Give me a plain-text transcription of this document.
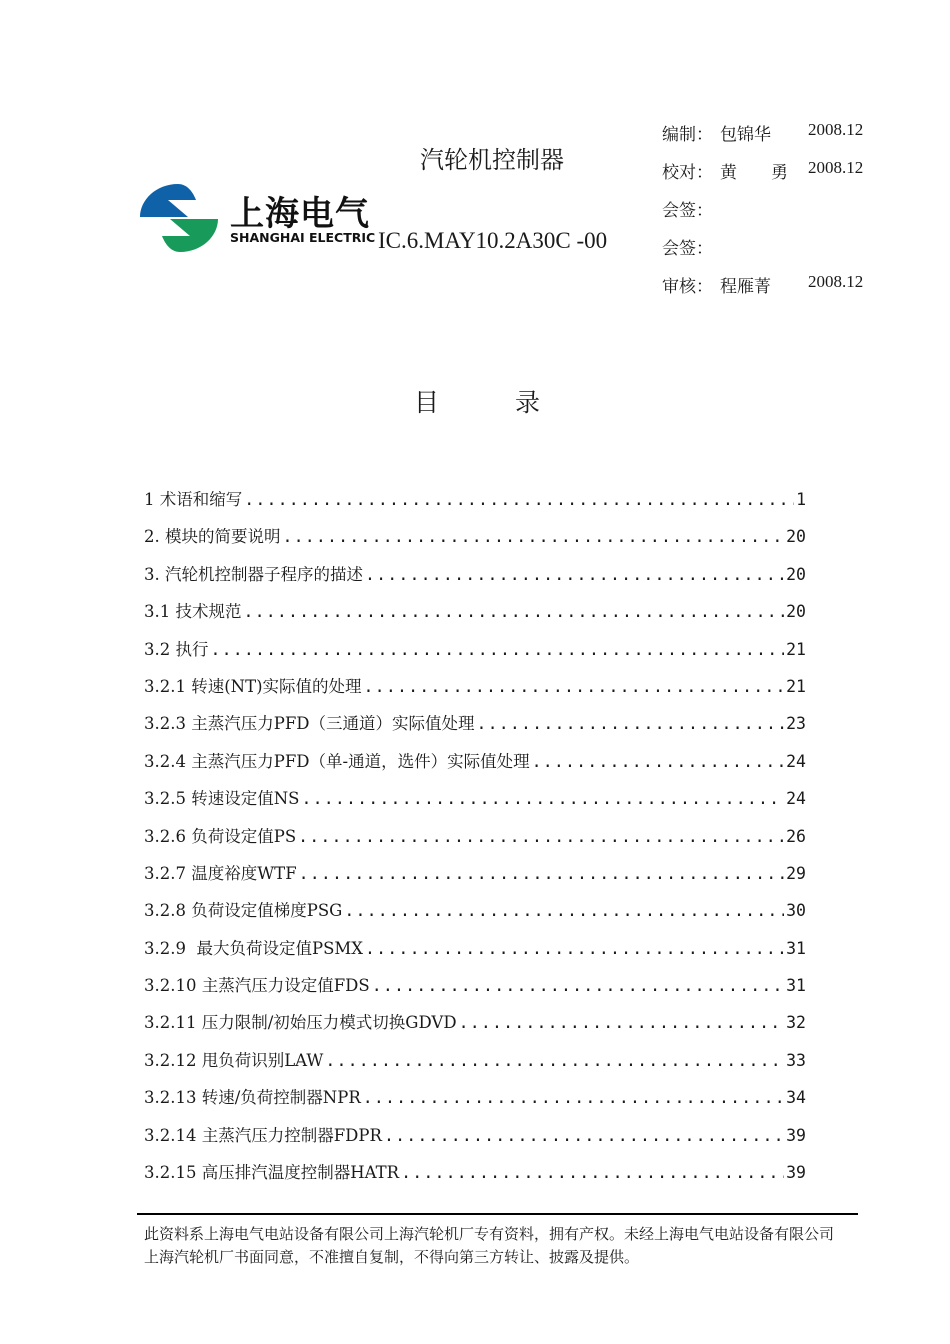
上海电气
SHANGHAI ELECTRIC
汽轮机控制器
IC.6.MAY10.2A30C -00
编制： 包锦华 2008.12
校对： 黄　　勇 2008.12
会签：
会签：
审核： 程雁菁 2008.12
目录
1 术语和缩写 .....	1
2. 模块的简要说明 .....	20
3. 汽轮机控制器子程序的描述 .....	20
3.1 技术规范 .....	20
3.2 执行 .....	21
3.2.1 转速(NT)实际值的处理 .....	21
3.2.3 主蒸汽压力PFD（三通道）实际值处理 .....	23
3.2.4 主蒸汽压力PFD（单-通道，选件）实际值处理 .....	24
3.2.5 转速设定值NS .....	24
3.2.6 负荷设定值PS .....	26
3.2.7 温度裕度WTF .....	29
3.2.8 负荷设定值梯度PSG .....	30
3.2.9  最大负荷设定值PSMX .....	31
3.2.10 主蒸汽压力设定值FDS .....	31
3.2.11 压力限制/初始压力模式切换GDVD .....	32
3.2.12 甩负荷识别LAW .....	33
3.2.13 转速/负荷控制器NPR .....	34
3.2.14 主蒸汽压力控制器FDPR .....	39
3.2.15 高压排汽温度控制器HATR .....	39
此资料系上海电气电站设备有限公司上海汽轮机厂专有资料，拥有产权。未经上海电气电站设备有限公司上海汽轮机厂书面同意，不准擅自复制，不得向第三方转让、披露及提供。
